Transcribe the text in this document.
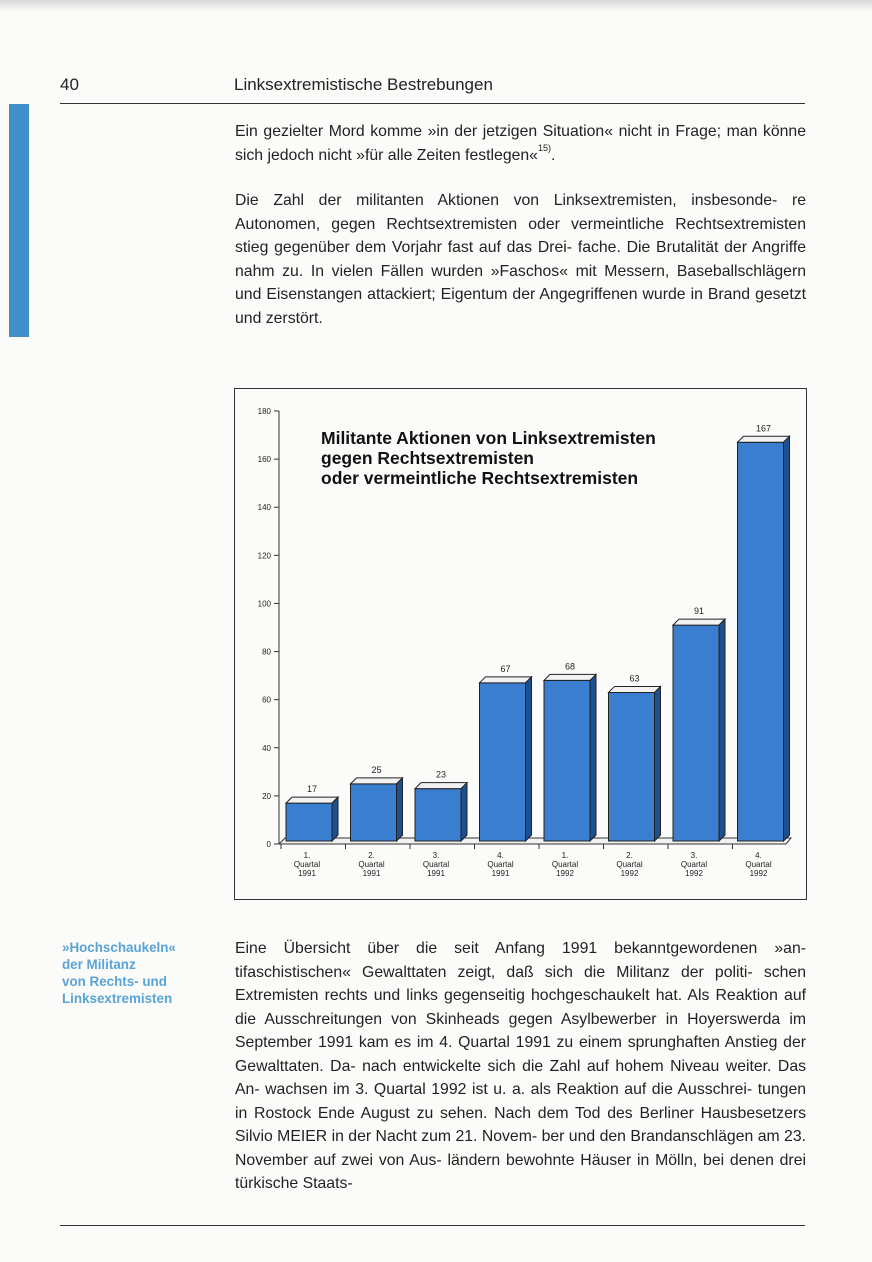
40	Linksextremistische Bestrebungen

Ein gezielter Mord komme »in der jetzigen Situation« nicht in Frage; man könne sich jedoch nicht »für alle Zeiten festlegen«$^{15)}$.

Die Zahl der militanten Aktionen von Linksextremisten, insbesonde- re Autonomen, gegen Rechtsextremisten oder vermeintliche Rechtsextremisten stieg gegenüber dem Vorjahr fast auf das Drei- fache. Die Brutalität der Angriffe nahm zu. In vielen Fällen wurden »Faschos« mit Messern, Baseballschlägern und Eisenstangen attackiert; Eigentum der Angegriffenen wurde in Brand gesetzt und zerstört.

0
20
40
60
80
100
120
140
160
180
17
1.
Quartal
1991
25
2.
Quartal
1991
23
3.
Quartal
1991
67
4.
Quartal
1991
68
1.
Quartal
1992
63
2.
Quartal
1992
91
3.
Quartal
1992
167
4.
Quartal
1992
Militante Aktionen von Linksextremisten
gegen Rechtsextremisten
oder vermeintliche Rechtsextremisten
»Hochschaukeln«
der Militanz
von Rechts- und
Linksextremisten

Eine Übersicht über die seit Anfang 1991 bekanntgewordenen »an- tifaschistischen« Gewalttaten zeigt, daß sich die Militanz der politi- schen Extremisten rechts und links gegenseitig hochgeschaukelt hat. Als Reaktion auf die Ausschreitungen von Skinheads gegen Asylbewerber in Hoyerswerda im September 1991 kam es im 4. Quartal 1991 zu einem sprunghaften Anstieg der Gewalttaten. Da- nach entwickelte sich die Zahl auf hohem Niveau weiter. Das An- wachsen im 3. Quartal 1992 ist u. a. als Reaktion auf die Ausschrei- tungen in Rostock Ende August zu sehen. Nach dem Tod des Berliner Hausbesetzers Silvio MEIER in der Nacht zum 21. Novem- ber und den Brandanschlägen am 23. November auf zwei von Aus- ländern bewohnte Häuser in Mölln, bei denen drei türkische Staats-
